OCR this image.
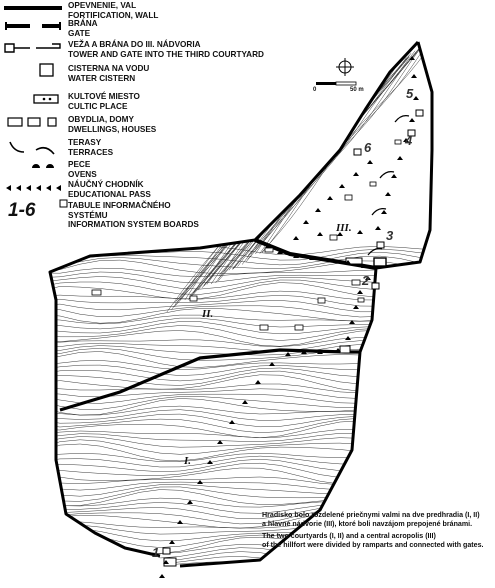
OPEVNENIE, VAL
FORTIFICATION, WALL
BRÁNA
GATE
VEŽA A BRÁNA DO III. NÁDVORIA
TOWER AND GATE INTO THE THIRD COURTYARD
CISTERNA NA VODU
WATER CISTERN
KULTOVÉ MIESTO
CULTIC PLACE
OBYDLIA, DOMY
DWELLINGS, HOUSES
TERASY
TERRACES
PECE
OVENS
NÁUČNÝ CHODNÍK
EDUCATIONAL PASS
TABULE INFORMAČNÉHO
SYSTÉMU
INFORMATION SYSTEM BOARDS
1-6
0	50 m
I.
II.
III.
1
2
3
4
5
6
Hradisko bolo rozdelené priečnymi valmi na dve predhradia (I, II)
a hlavné nádvorie (III), ktoré boli navzájom prepojené bránami.
The two courtyards (I, II) and a central acropolis (III)
of the hillfort were divided by ramparts and connected with gates.
